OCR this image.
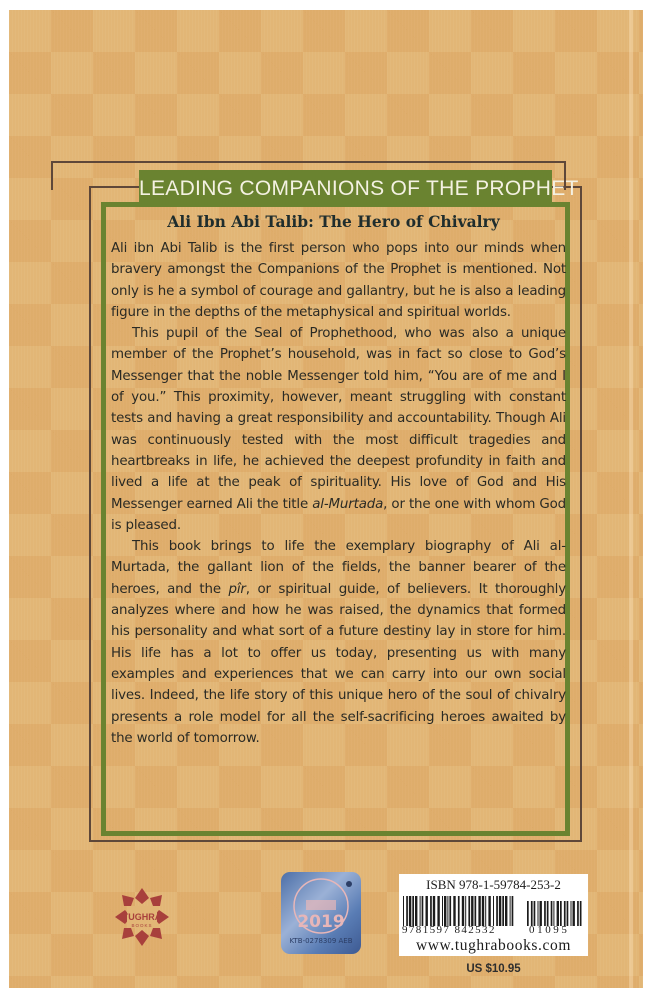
LEADING COMPANIONS OF THE PROPHET
Ali Ibn Abi Talib: The Hero of Chivalry

Ali ibn Abi Talib is the first person who pops into our minds when bravery amongst the Companions of the Prophet is mentioned. Not only is he a symbol of courage and gallantry, but he is also a leading figure in the depths of the metaphysical and spiritual worlds.

This pupil of the Seal of Prophethood, who was also a unique member of the Prophet’s household, was in fact so close to God’s Messenger that the noble Messenger told him, “You are of me and I of you.” This proximity, however, meant struggling with constant tests and having a great responsibility and accountability. Though Ali was continuously tested with the most difficult tragedies and heartbreaks in life, he achieved the deepest profundity in faith and lived a life at the peak of spirituality. His love of God and His Messenger earned Ali the title al-Murtada, or the one with whom God is pleased.

This book brings to life the exemplary biography of Ali al-Murtada, the gallant lion of the fields, the banner bearer of the heroes, and the pîr, or spiritual guide, of believers. It thoroughly analyzes where and how he was raised, the dynamics that formed his personality and what sort of a future destiny lay in store for him. His life has a lot to offer us today, presenting us with many examples and experiences that we can carry into our own social lives. Indeed, the life story of this unique hero of the soul of chivalry presents a role model for all the self-sacrificing heroes awaited by the world of tomorrow.

TUGHRA
BOOKS	2019
KTB-0278309 AEB
ISBN 978-1-59784-253-2
9781597 842532	01095
www.tughrabooks.com
US $10.95
